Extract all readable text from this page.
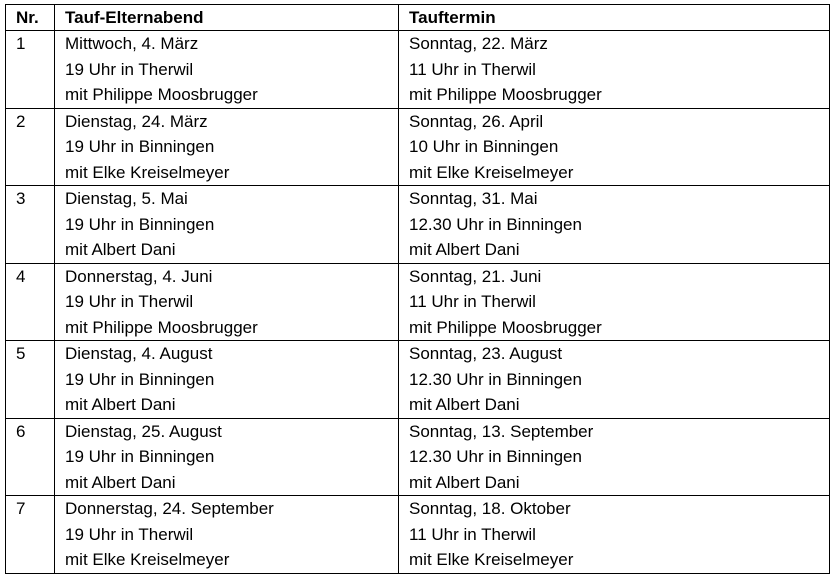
Nr.	Tauf-Elternabend	Tauftermin
1	Mittwoch, 4. März
19 Uhr in Therwil
mit Philippe Moosbrugger	Sonntag, 22. März
11 Uhr in Therwil
mit Philippe Moosbrugger

2	Dienstag, 24. März
19 Uhr in Binningen
mit Elke Kreiselmeyer	Sonntag, 26. April
10 Uhr in Binningen
mit Elke Kreiselmeyer

3	Dienstag, 5. Mai
19 Uhr in Binningen
mit Albert Dani	Sonntag, 31. Mai
12.30 Uhr in Binningen
mit Albert Dani

4	Donnerstag, 4. Juni
19 Uhr in Therwil
mit Philippe Moosbrugger	Sonntag, 21. Juni
11 Uhr in Therwil
mit Philippe Moosbrugger

5	Dienstag, 4. August
19 Uhr in Binningen
mit Albert Dani	Sonntag, 23. August
12.30 Uhr in Binningen
mit Albert Dani

6	Dienstag, 25. August
19 Uhr in Binningen
mit Albert Dani	Sonntag, 13. September
12.30 Uhr in Binningen
mit Albert Dani

7	Donnerstag, 24. September
19 Uhr in Therwil
mit Elke Kreiselmeyer	Sonntag, 18. Oktober
11 Uhr in Therwil
mit Elke Kreiselmeyer
